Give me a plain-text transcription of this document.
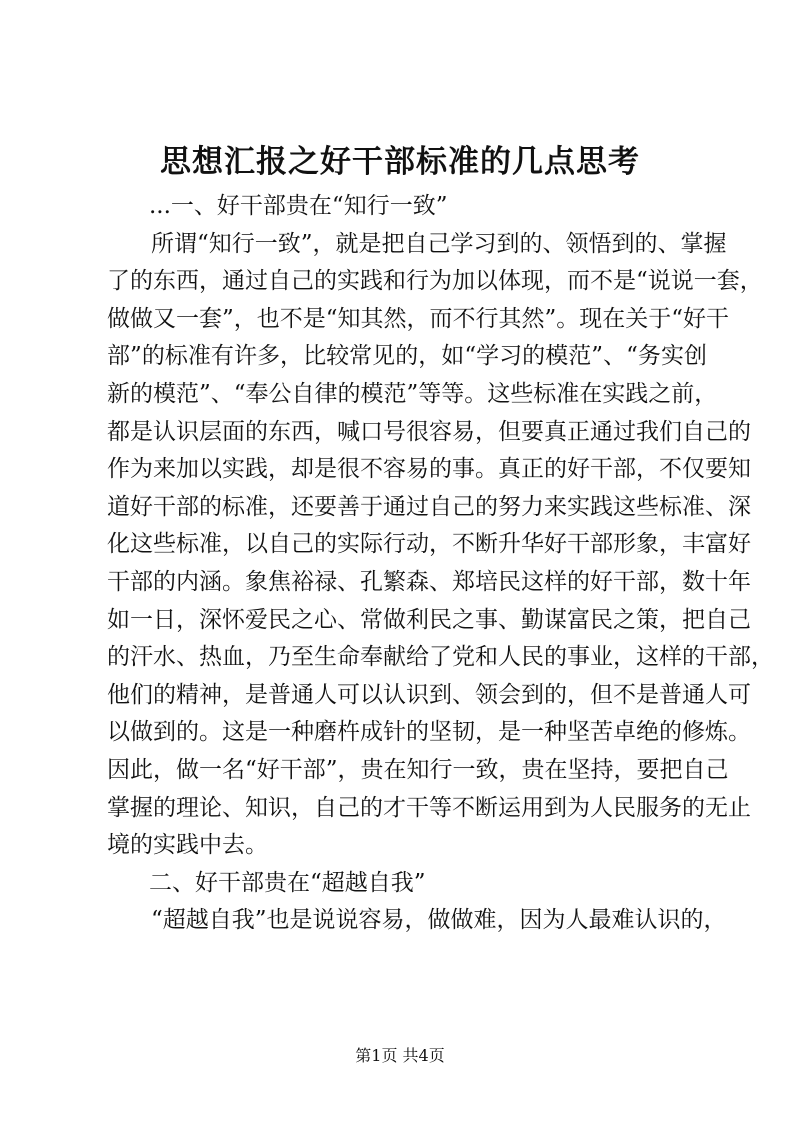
思想汇报之好干部标准的几点思考
...一、好干部贵在“知行一致”
所谓“知行一致”，就是把自己学习到的、领悟到的、掌握
了的东西，通过自己的实践和行为加以体现，而不是“说说一套，
做做又一套”，也不是“知其然，而不行其然”。现在关于“好干
部”的标准有许多，比较常见的，如“学习的模范”、“务实创
新的模范”、“奉公自律的模范”等等。这些标准在实践之前，
都是认识层面的东西，喊口号很容易，但要真正通过我们自己的
作为来加以实践，却是很不容易的事。真正的好干部，不仅要知
道好干部的标准，还要善于通过自己的努力来实践这些标准、深
化这些标准，以自己的实际行动，不断升华好干部形象，丰富好
干部的内涵。象焦裕禄、孔繁森、郑培民这样的好干部，数十年
如一日，深怀爱民之心、常做利民之事、勤谋富民之策，把自己
的汗水、热血，乃至生命奉献给了党和人民的事业，这样的干部，
他们的精神，是普通人可以认识到、领会到的，但不是普通人可
以做到的。这是一种磨杵成针的坚韧，是一种坚苦卓绝的修炼。
因此，做一名“好干部”，贵在知行一致，贵在坚持，要把自己
掌握的理论、知识，自己的才干等不断运用到为人民服务的无止
境的实践中去。
二、好干部贵在“超越自我”
“超越自我”也是说说容易，做做难，因为人最难认识的，
第1页 共4页
